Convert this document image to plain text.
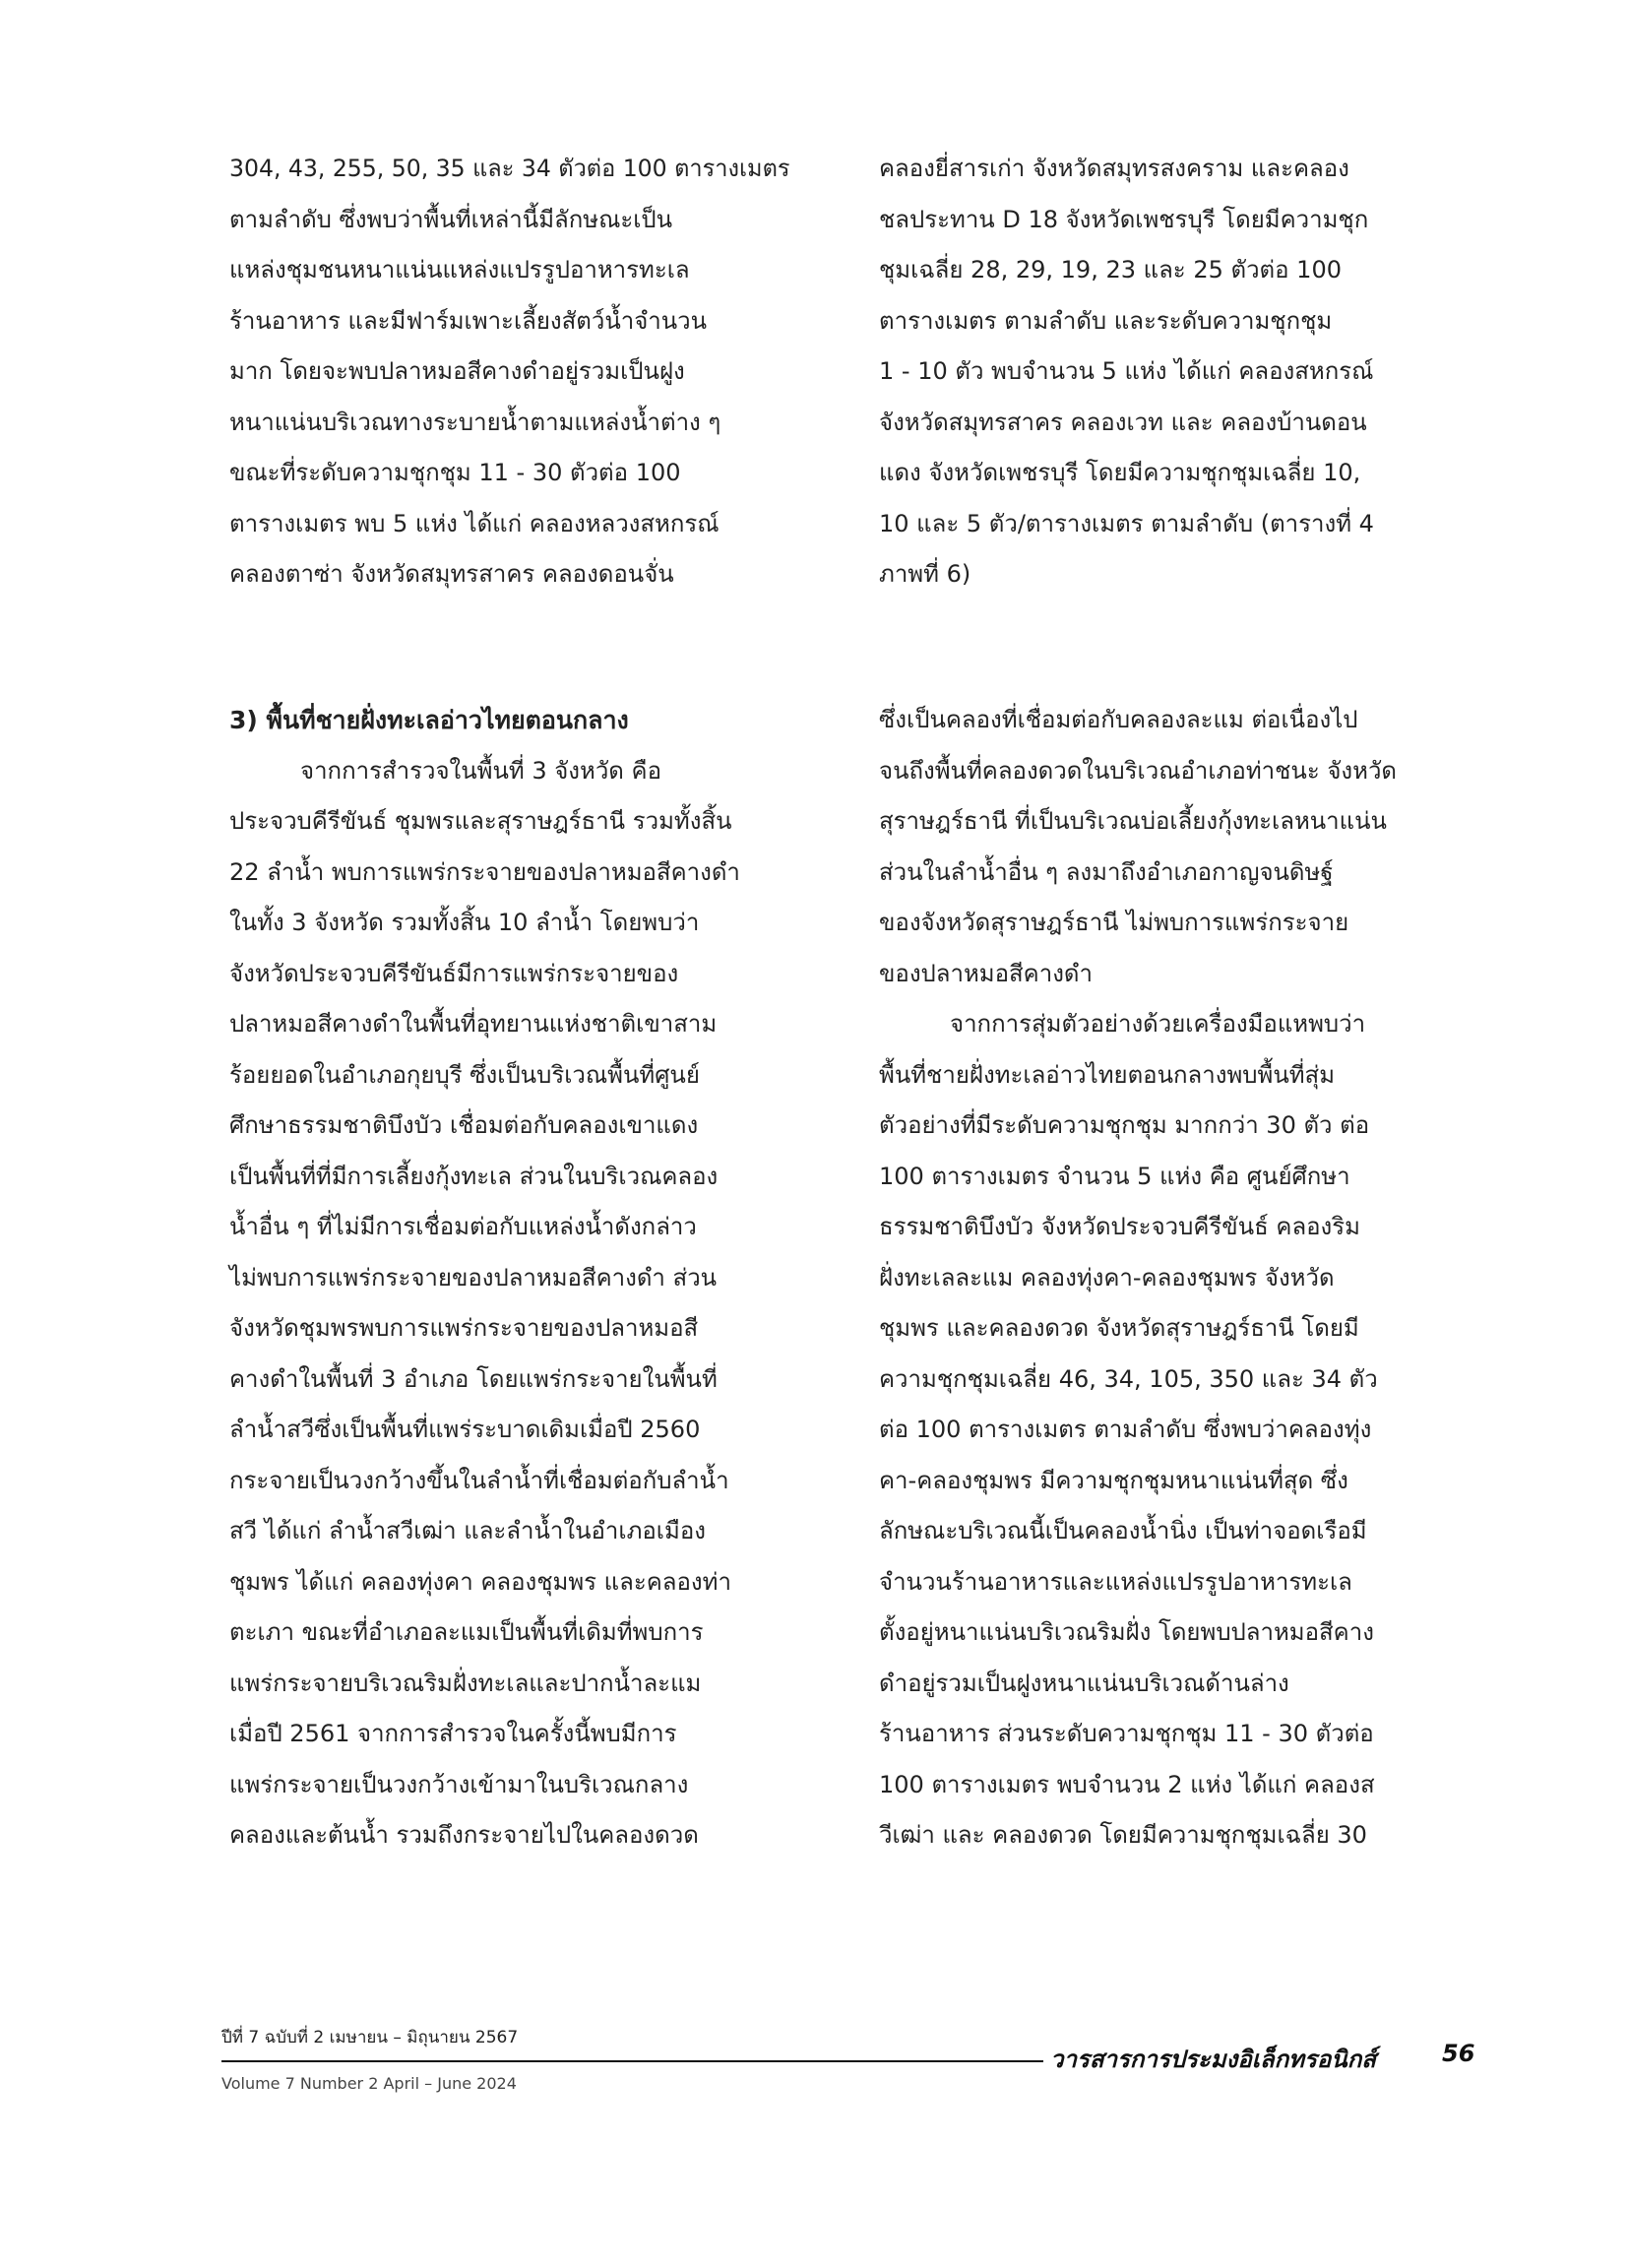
304, 43, 255, 50, 35 และ 34 ตัวต่อ 100 ตารางเมตร
ตามลำดับ ซึ่งพบว่าพื้นที่เหล่านี้มีลักษณะเป็น
แหล่งชุมชนหนาแน่นแหล่งแปรรูปอาหารทะเล
ร้านอาหาร และมีฟาร์มเพาะเลี้ยงสัตว์น้ำจำนวน
มาก โดยจะพบปลาหมอสีคางดำอยู่รวมเป็นฝูง
หนาแน่นบริเวณทางระบายน้ำตามแหล่งน้ำต่าง ๆ
ขณะที่ระดับความชุกชุม 11 - 30 ตัวต่อ 100
ตารางเมตร พบ 5 แห่ง ได้แก่ คลองหลวงสหกรณ์
คลองตาซ่า จังหวัดสมุทรสาคร คลองดอนจั่น

3) พื้นที่ชายฝั่งทะเลอ่าวไทยตอนกลาง

จากการสำรวจในพื้นที่ 3 จังหวัด คือ
ประจวบคีรีขันธ์ ชุมพรและสุราษฎร์ธานี รวมทั้งสิ้น
22 ลำน้ำ พบการแพร่กระจายของปลาหมอสีคางดำ
ในทั้ง 3 จังหวัด รวมทั้งสิ้น 10 ลำน้ำ โดยพบว่า
จังหวัดประจวบคีรีขันธ์มีการแพร่กระจายของ
ปลาหมอสีคางดำในพื้นที่อุทยานแห่งชาติเขาสาม
ร้อยยอดในอำเภอกุยบุรี ซึ่งเป็นบริเวณพื้นที่ศูนย์
ศึกษาธรรมชาติบึงบัว เชื่อมต่อกับคลองเขาแดง
เป็นพื้นที่ที่มีการเลี้ยงกุ้งทะเล ส่วนในบริเวณคลอง
น้ำอื่น ๆ ที่ไม่มีการเชื่อมต่อกับแหล่งน้ำดังกล่าว
ไม่พบการแพร่กระจายของปลาหมอสีคางดำ ส่วน
จังหวัดชุมพรพบการแพร่กระจายของปลาหมอสี
คางดำในพื้นที่ 3 อำเภอ โดยแพร่กระจายในพื้นที่
ลำน้ำสวีซึ่งเป็นพื้นที่แพร่ระบาดเดิมเมื่อปี 2560
กระจายเป็นวงกว้างขึ้นในลำน้ำที่เชื่อมต่อกับลำน้ำ
สวี ได้แก่ ลำน้ำสวีเฒ่า และลำน้ำในอำเภอเมือง
ชุมพร ได้แก่ คลองทุ่งคา คลองชุมพร และคลองท่า
ตะเภา ขณะที่อำเภอละแมเป็นพื้นที่เดิมที่พบการ
แพร่กระจายบริเวณริมฝั่งทะเลและปากน้ำละแม
เมื่อปี 2561 จากการสำรวจในครั้งนี้พบมีการ
แพร่กระจายเป็นวงกว้างเข้ามาในบริเวณกลาง
คลองและต้นน้ำ รวมถึงกระจายไปในคลองดวด

คลองยี่สารเก่า จังหวัดสมุทรสงคราม และคลอง
ชลประทาน D 18 จังหวัดเพชรบุรี โดยมีความชุก
ชุมเฉลี่ย 28, 29, 19, 23 และ 25 ตัวต่อ 100
ตารางเมตร ตามลำดับ และระดับความชุกชุม
1 - 10 ตัว พบจำนวน 5 แห่ง ได้แก่ คลองสหกรณ์
จังหวัดสมุทรสาคร คลองเวท และ คลองบ้านดอน
แดง จังหวัดเพชรบุรี โดยมีความชุกชุมเฉลี่ย 10,
10 และ 5 ตัว/ตารางเมตร ตามลำดับ (ตารางที่ 4
ภาพที่ 6)

ซึ่งเป็นคลองที่เชื่อมต่อกับคลองละแม ต่อเนื่องไป
จนถึงพื้นที่คลองดวดในบริเวณอำเภอท่าชนะ จังหวัด
สุราษฎร์ธานี ที่เป็นบริเวณบ่อเลี้ยงกุ้งทะเลหนาแน่น
ส่วนในลำน้ำอื่น ๆ ลงมาถึงอำเภอกาญจนดิษฐ์
ของจังหวัดสุราษฎร์ธานี ไม่พบการแพร่กระจาย
ของปลาหมอสีคางดำ

จากการสุ่มตัวอย่างด้วยเครื่องมือแหพบว่า
พื้นที่ชายฝั่งทะเลอ่าวไทยตอนกลางพบพื้นที่สุ่ม
ตัวอย่างที่มีระดับความชุกชุม มากกว่า 30 ตัว ต่อ
100 ตารางเมตร จำนวน 5 แห่ง คือ ศูนย์ศึกษา
ธรรมชาติบึงบัว จังหวัดประจวบคีรีขันธ์ คลองริม
ฝั่งทะเลละแม คลองทุ่งคา-คลองชุมพร จังหวัด
ชุมพร และคลองดวด จังหวัดสุราษฎร์ธานี โดยมี
ความชุกชุมเฉลี่ย 46, 34, 105, 350 และ 34 ตัว
ต่อ 100 ตารางเมตร ตามลำดับ ซึ่งพบว่าคลองทุ่ง
คา-คลองชุมพร มีความชุกชุมหนาแน่นที่สุด ซึ่ง
ลักษณะบริเวณนี้เป็นคลองน้ำนิ่ง เป็นท่าจอดเรือมี
จำนวนร้านอาหารและแหล่งแปรรูปอาหารทะเล
ตั้งอยู่หนาแน่นบริเวณริมฝั่ง โดยพบปลาหมอสีคาง
ดำอยู่รวมเป็นฝูงหนาแน่นบริเวณด้านล่าง
ร้านอาหาร ส่วนระดับความชุกชุม 11 - 30 ตัวต่อ
100 ตารางเมตร พบจำนวน 2 แห่ง ได้แก่ คลองส
วีเฒ่า และ คลองดวด โดยมีความชุกชุมเฉลี่ย 30

ปีที่ 7 ฉบับที่ 2 เมษายน – มิถุนายน 2567
วารสารการประมงอิเล็กทรอนิกส์	56
Volume 7 Number 2 April – June 2024
